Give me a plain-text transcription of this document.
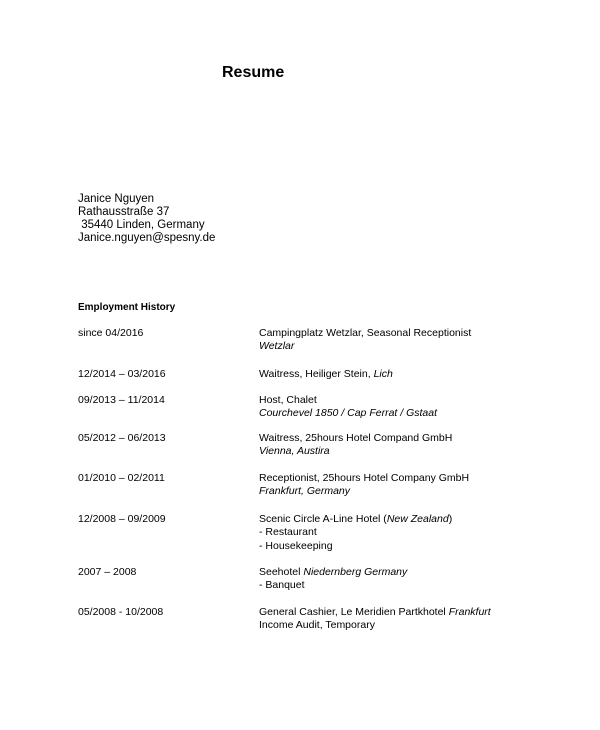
Resume
Janice Nguyen
Rathausstraße 37
35440 Linden, Germany
Janice.nguyen@spesny.de
Employment History
since 04/2016	Campingplatz Wetzlar, Seasonal Receptionist
Wetzlar
12/2014 – 03/2016	Waitress, Heiliger Stein, Lich
09/2013 – 11/2014	Host, Chalet
Courchevel 1850 / Cap Ferrat / Gstaat
05/2012 – 06/2013	Waitress, 25hours Hotel Compand GmbH
Vienna, Austira
01/2010 – 02/2011	Receptionist, 25hours Hotel Company GmbH
Frankfurt, Germany
12/2008 – 09/2009	Scenic Circle A-Line Hotel (New Zealand)
- Restaurant
- Housekeeping
2007 – 2008	Seehotel Niedernberg Germany
- Banquet
05/2008 - 10/2008	General Cashier, Le Meridien Partkhotel Frankfurt
Income Audit, Temporary
